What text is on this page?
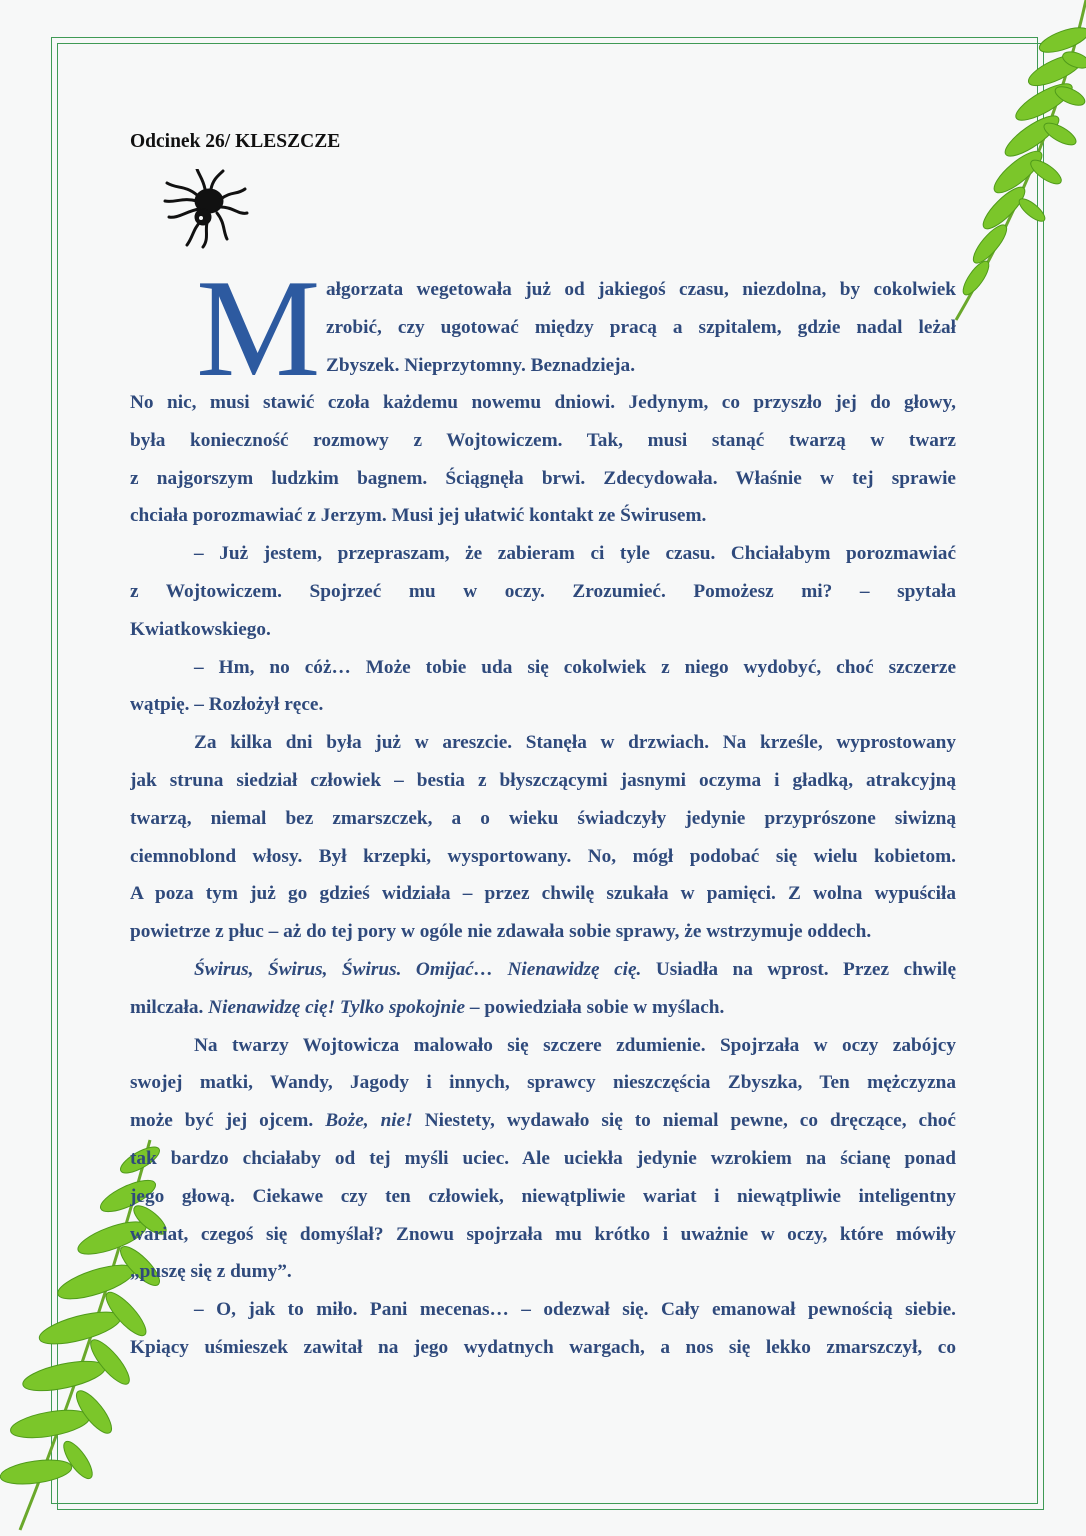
Odcinek 26/ KLESZCZE
M ałgorzata wegetowała już od jakiegoś czasu, niezdolna, by cokolwiek
zrobić, czy ugotować między pracą a szpitalem, gdzie nadal leżał
Zbyszek. Nieprzytomny. Beznadzieja.
No nic, musi stawić czoła każdemu nowemu dniowi. Jedynym, co przyszło jej do głowy,
była konieczność rozmowy z Wojtowiczem. Tak, musi stanąć twarzą w twarz
z najgorszym ludzkim bagnem. Ściągnęła brwi. Zdecydowała. Właśnie w tej sprawie
chciała porozmawiać z Jerzym. Musi jej ułatwić kontakt ze Świrusem.
– Już jestem, przepraszam, że zabieram ci tyle czasu. Chciałabym porozmawiać
z Wojtowiczem. Spojrzeć mu w oczy. Zrozumieć. Pomożesz mi? – spytała
Kwiatkowskiego.
– Hm, no cóż… Może tobie uda się cokolwiek z niego wydobyć, choć szczerze
wątpię. – Rozłożył ręce.
Za kilka dni była już w areszcie. Stanęła w drzwiach. Na krześle, wyprostowany
jak struna siedział człowiek – bestia z błyszczącymi jasnymi oczyma i gładką, atrakcyjną
twarzą, niemal bez zmarszczek, a o wieku świadczyły jedynie przyprószone siwizną
ciemnoblond włosy. Był krzepki, wysportowany. No, mógł podobać się wielu kobietom.
A poza tym już go gdzieś widziała – przez chwilę szukała w pamięci. Z wolna wypuściła
powietrze z płuc – aż do tej pory w ogóle nie zdawała sobie sprawy, że wstrzymuje oddech.
Świrus, Świrus, Świrus. Omijać… Nienawidzę cię. Usiadła na wprost. Przez chwilę
milczała. Nienawidzę cię! Tylko spokojnie – powiedziała sobie w myślach.
Na twarzy Wojtowicza malowało się szczere zdumienie. Spojrzała w oczy zabójcy
swojej matki, Wandy, Jagody i innych, sprawcy nieszczęścia Zbyszka, Ten mężczyzna
może być jej ojcem. Boże, nie! Niestety, wydawało się to niemal pewne, co dręczące, choć
tak bardzo chciałaby od tej myśli uciec. Ale uciekła jedynie wzrokiem na ścianę ponad
jego głową. Ciekawe czy ten człowiek, niewątpliwie wariat i niewątpliwie inteligentny
wariat, czegoś się domyślał? Znowu spojrzała mu krótko i uważnie w oczy, które mówiły
„puszę się z dumy”.
– O, jak to miło. Pani mecenas… – odezwał się. Cały emanował pewnością siebie.
Kpiący uśmieszek zawitał na jego wydatnych wargach, a nos się lekko zmarszczył, co
